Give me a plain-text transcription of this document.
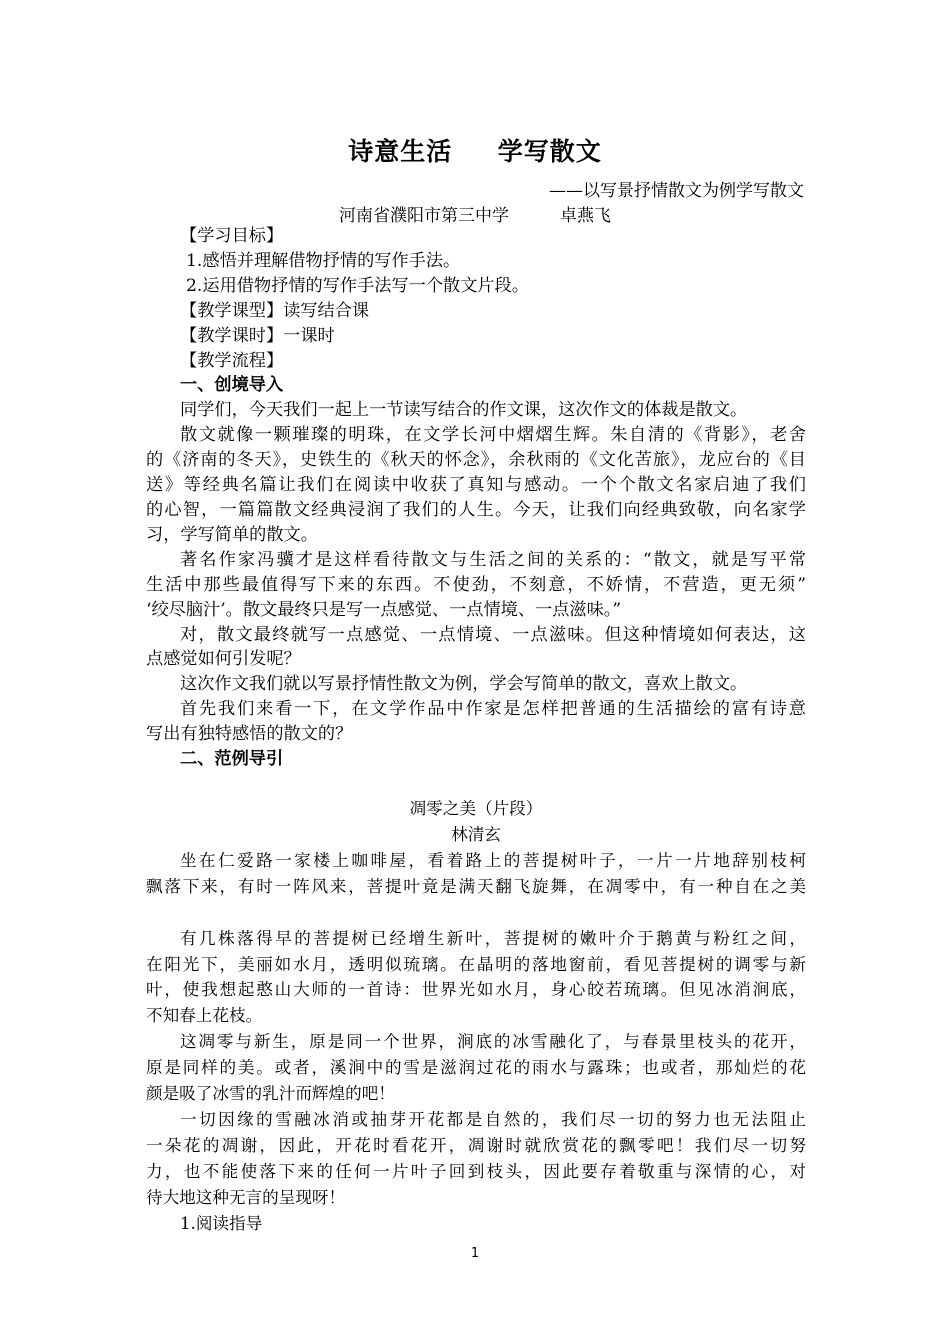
诗意生活　  学写散文
——以写景抒情散文为例学写散文
河南省濮阳市第三中学　　　卓燕飞
【学习目标】
1.感悟并理解借物抒情的写作手法。
2.运用借物抒情的写作手法写一个散文片段。
【教学课型】读写结合课
【教学课时】一课时
【教学流程】
一、创境导入
同学们，今天我们一起上一节读写结合的作文课，这次作文的体裁是散文。
散文就像一颗璀璨的明珠，在文学长河中熠熠生辉。朱自清的《背影》，老舍
的《济南的冬天》，史铁生的《秋天的怀念》，余秋雨的《文化苦旅》，龙应台的《目
送》等经典名篇让我们在阅读中收获了真知与感动。一个个散文名家启迪了我们
的心智，一篇篇散文经典浸润了我们的人生。今天，让我们向经典致敬，向名家学
习，学写简单的散文。
著名作家冯骥才是这样看待散文与生活之间的关系的：“散文，就是写平常
生活中那些最值得写下来的东西。不使劲，不刻意，不娇情，不营造，更无须”
‘绞尽脑汁’。散文最终只是写一点感觉、一点情境、一点滋味。”
对，散文最终就写一点感觉、一点情境、一点滋味。但这种情境如何表达，这
点感觉如何引发呢？
这次作文我们就以写景抒情性散文为例，学会写简单的散文，喜欢上散文。
首先我们来看一下，在文学作品中作家是怎样把普通的生活描绘的富有诗意
写出有独特感悟的散文的？
二、范例导引
凋零之美（片段）
林清玄
坐在仁爱路一家楼上咖啡屋，看着路上的菩提树叶子，一片一片地辞别枝柯
飘落下来，有时一阵风来，菩提叶竟是满天翻飞旋舞，在凋零中，有一种自在之美
有几株落得早的菩提树已经增生新叶，菩提树的嫩叶介于鹅黄与粉红之间，
在阳光下，美丽如水月，透明似琉璃。在晶明的落地窗前，看见菩提树的调零与新
叶，使我想起憨山大师的一首诗：世界光如水月，身心皎若琉璃。但见冰消涧底，
不知春上花枝。
这凋零与新生，原是同一个世界，涧底的冰雪融化了，与春景里枝头的花开，
原是同样的美。或者，溪涧中的雪是滋润过花的雨水与露珠；也或者，那灿烂的花
颜是吸了冰雪的乳汁而辉煌的吧！
一切因缘的雪融冰消或抽芽开花都是自然的，我们尽一切的努力也无法阻止
一朵花的凋谢，因此，开花时看花开，凋谢时就欣赏花的飘零吧！我们尽一切努
力，也不能使落下来的任何一片叶子回到枝头，因此要存着敬重与深情的心，对
待大地这种无言的呈现呀！
1.阅读指导
1
